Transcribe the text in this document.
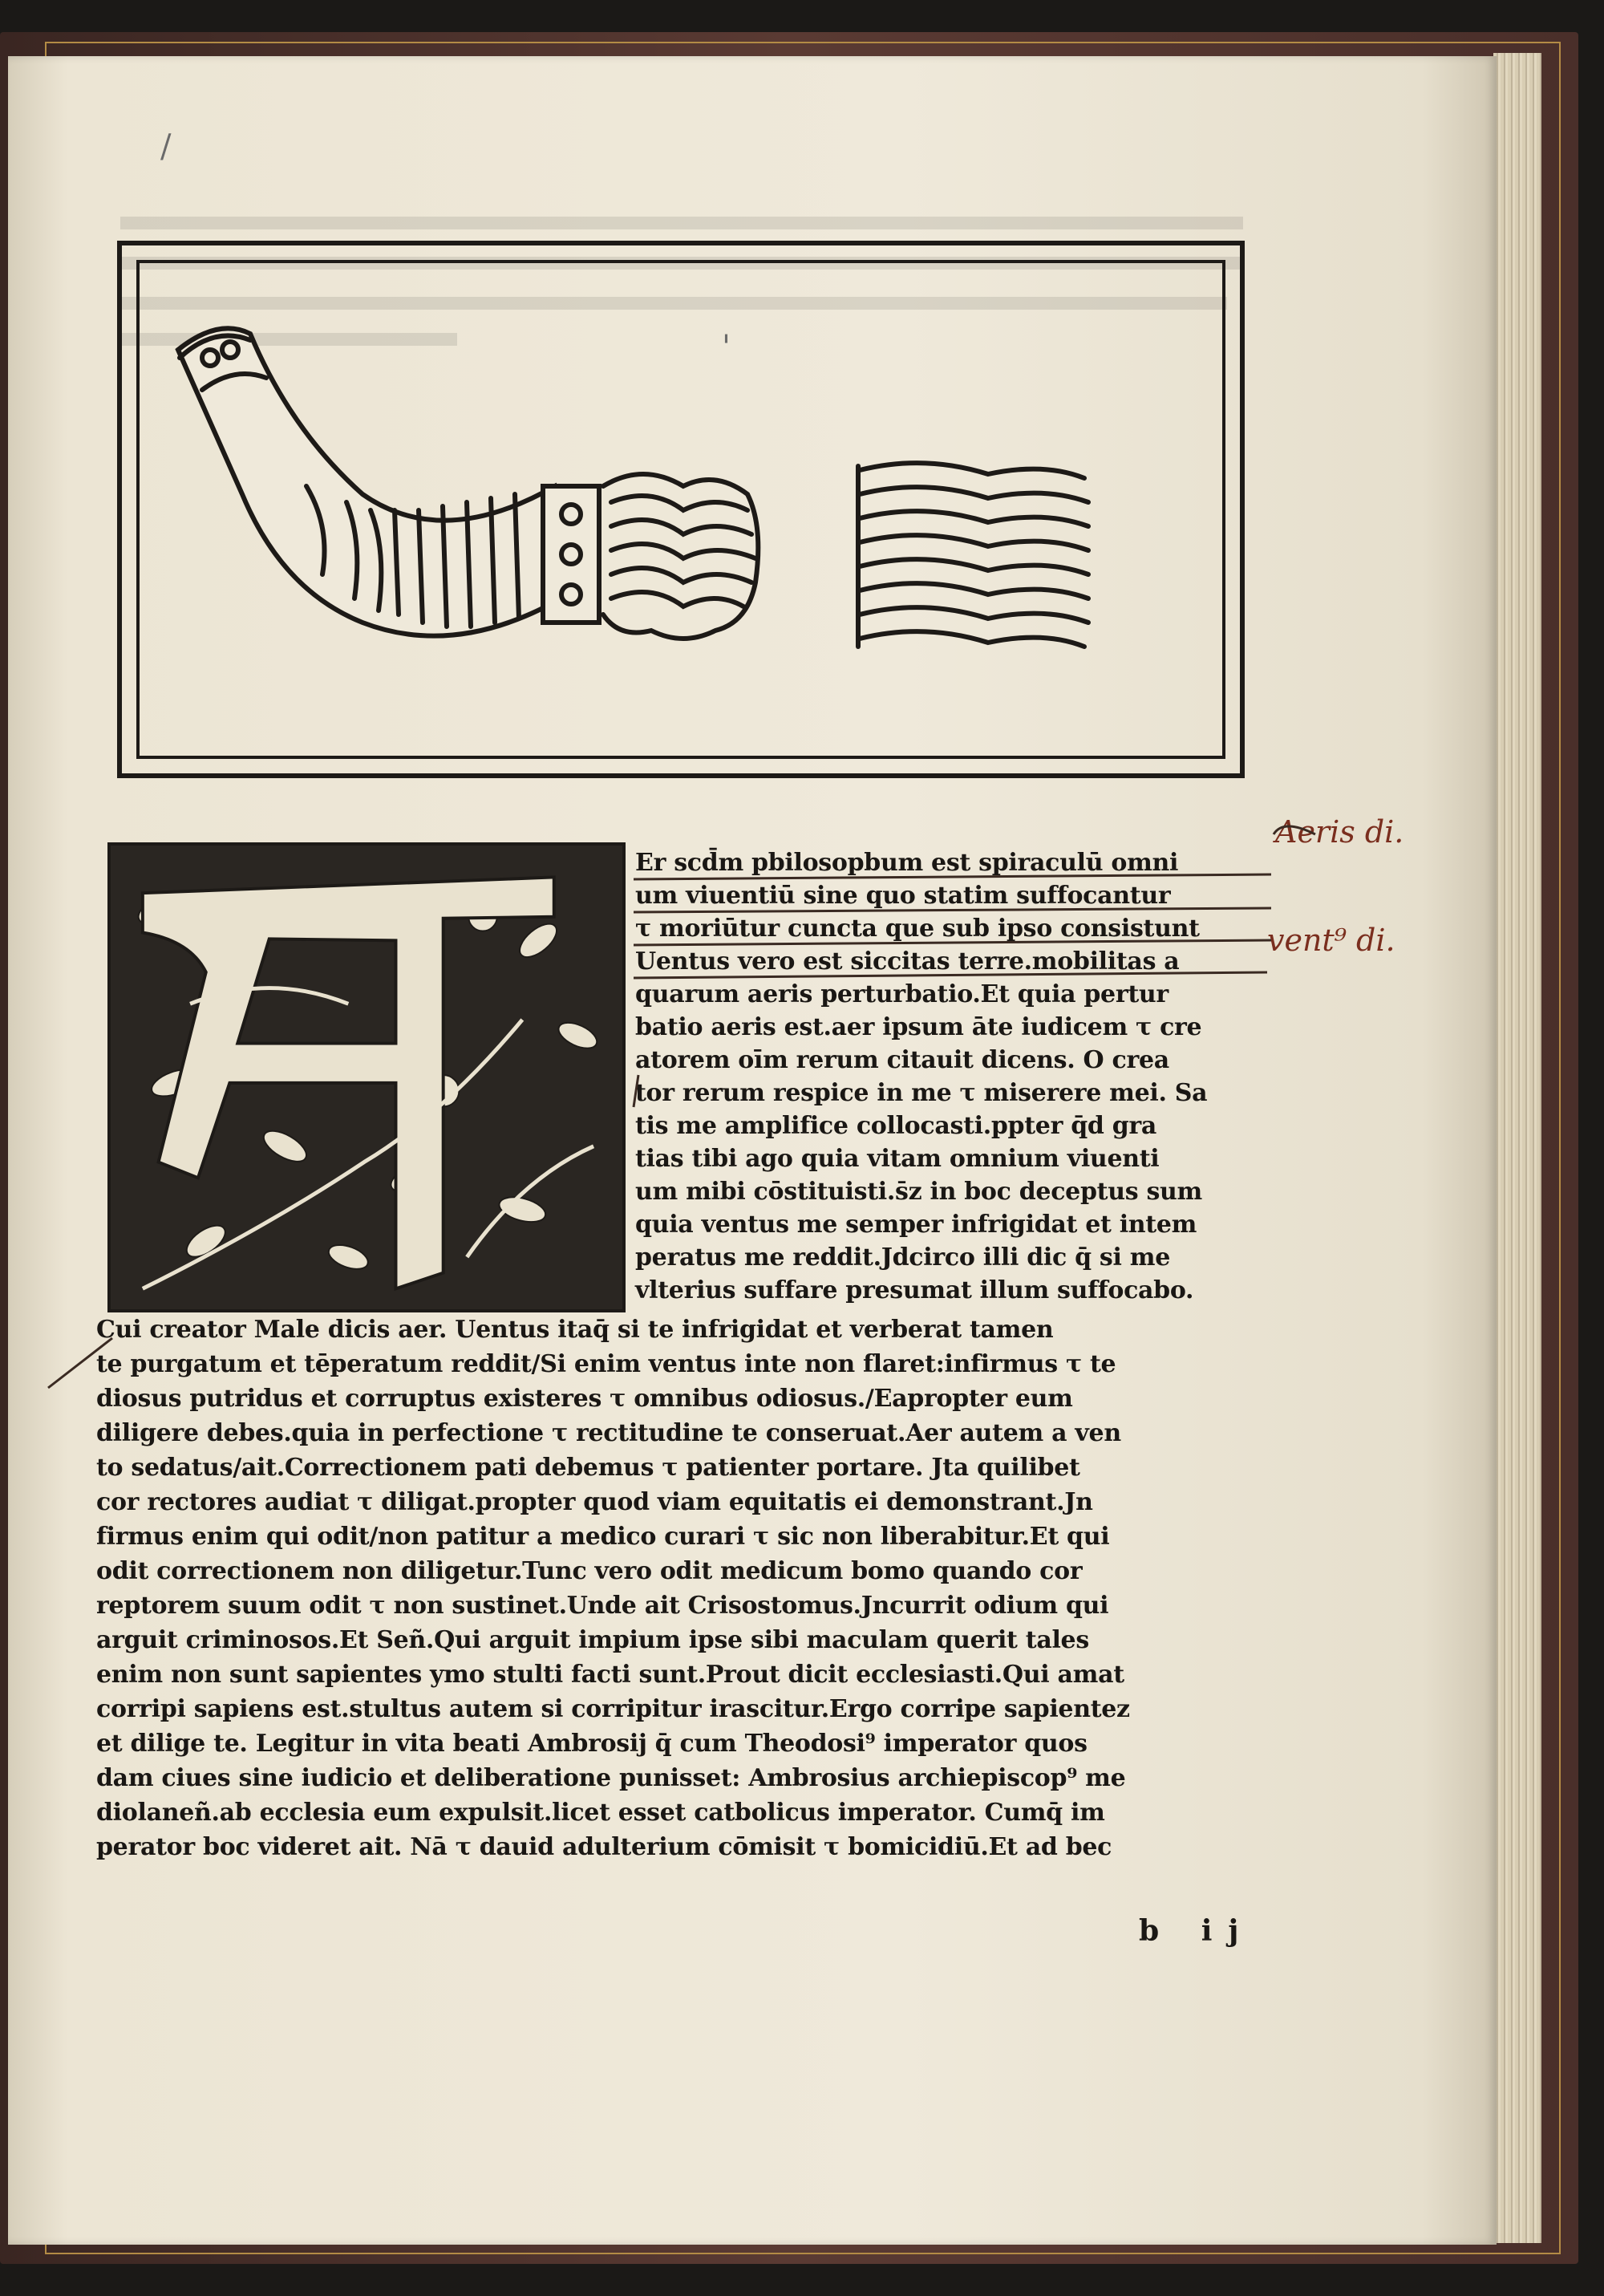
/
'
Er scd̄m pbilosopbum est spiraculū omni
um viuentiū sine quo statim suffocantur
τ moriūtur cuncta que sub ipso consistunt
Uentus vero est siccitas terre.mobilitas a
quarum aeris perturbatio.Et quia pertur
batio aeris est.aer ipsum āte iudicem τ cre
atorem oīm rerum citauit dicens. O crea
tor rerum respice in me τ miserere mei. Sa
tis me amplifice collocasti.ppter q̄d gra
tias tibi ago quia vitam omnium viuenti
um mibi cōstituisti.s̄z in boc deceptus sum
quia ventus me semper infrigidat et intem
peratus me reddit.Jdcirco illi dic q̄ si me
vlterius suffare presumat illum suffocabo.
Cui creator Male dicis aer. Uentus itaq̄ si te infrigidat et verberat tamen
te purgatum et tēperatum reddit/Si enim ventus inte non flaret:infirmus τ te
diosus putridus et corruptus existeres τ omnibus odiosus./Eapropter eum
diligere debes.quia in perfectione τ rectitudine te conseruat.Aer autem a ven
to sedatus/ait.Correctionem pati debemus τ patienter portare. Jta quilibet
cor rectores audiat τ diligat.propter quod viam equitatis ei demonstrant.Jn
firmus enim qui odit/non patitur a medico curari τ sic non liberabitur.Et qui
odit correctionem non diligetur.Tunc vero odit medicum bomo quando cor
reptorem suum odit τ non sustinet.Unde ait Crisostomus.Jncurrit odium qui
arguit criminosos.Et Señ.Qui arguit impium ipse sibi maculam querit tales
enim non sunt sapientes ymo stulti facti sunt.Prout dicit ecclesiasti.Qui amat
corripi sapiens est.stultus autem si corripitur irascitur.Ergo corripe sapientez
et dilige te. Legitur in vita beati Ambrosij q̄ cum Theodosi⁹ imperator quos
dam ciues sine iudicio et deliberatione punisset: Ambrosius archiepiscop⁹ me
diolaneñ.ab ecclesia eum expulsit.licet esset catbolicus imperator. Cumq̄ im
perator boc videret ait. Nā τ dauid adulterium cōmisit τ bomicidiū.Et ad bec
b ij
Aeris di.
vent⁹ di.
